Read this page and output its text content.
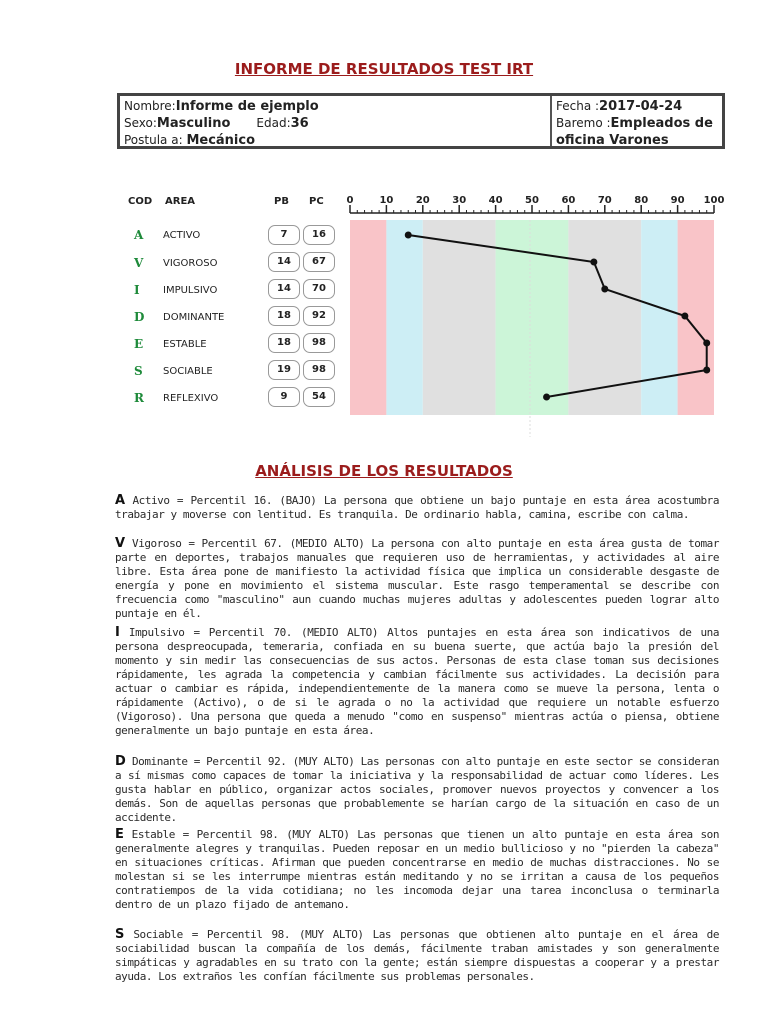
INFORME DE RESULTADOS TEST IRT
Nombre:Informe de ejemplo
Sexo:Masculino Edad:36
Postula a: Mecánico
Fecha :2017-04-24
Baremo :Empleados de
oficina Varones
COD AREA	PB PC
A ACTIVO	7	16
V VIGOROSO	14	67
I IMPULSIVO	14	70
D DOMINANTE	18	92
E ESTABLE	18	98
S SOCIABLE	19	98
R REFLEXIVO	9	54
0	10 20 30 40 50 60 70 80 90 100
ANÁLISIS DE LOS RESULTADOS
A Activo = Percentil 16. (BAJO) La persona que obtiene un bajo puntaje en esta área acostumbra trabajar y moverse con lentitud. Es tranquila. De ordinario habla, camina, escribe con calma.
V Vigoroso = Percentil 67. (MEDIO ALTO) La persona con alto puntaje en esta área gusta de tomar parte en deportes, trabajos manuales que requieren uso de herramientas, y actividades al aire libre. Esta área pone de manifiesto la actividad física que implica un considerable desgaste de energía y pone en movimiento el sistema muscular. Este rasgo temperamental se describe con frecuencia como "masculino" aun cuando muchas mujeres adultas y adolescentes pueden lograr alto puntaje en él.
I Impulsivo = Percentil 70. (MEDIO ALTO) Altos puntajes en esta área son indicativos de una persona despreocupada, temeraria, confiada en su buena suerte, que actúa bajo la presión del momento y sin medir las consecuencias de sus actos. Personas de esta clase toman sus decisiones rápidamente, les agrada la competencia y cambian fácilmente sus actividades. La decisión para actuar o cambiar es rápida, independientemente de la manera como se mueve la persona, lenta o rápidamente (Activo), o de si le agrada o no la actividad que requiere un notable esfuerzo (Vigoroso). Una persona que queda a menudo "como en suspenso" mientras actúa o piensa, obtiene generalmente un bajo puntaje en esta área.
D Dominante = Percentil 92. (MUY ALTO) Las personas con alto puntaje en este sector se consideran a sí mismas como capaces de tomar la iniciativa y la responsabilidad de actuar como líderes. Les gusta hablar en público, organizar actos sociales, promover nuevos proyectos y convencer a los demás. Son de aquellas personas que probablemente se harían cargo de la situación en caso de un accidente.
E Estable = Percentil 98. (MUY ALTO) Las personas que tienen un alto puntaje en esta área son generalmente alegres y tranquilas. Pueden reposar en un medio bullicioso y no "pierden la cabeza" en situaciones críticas. Afirman que pueden concentrarse en medio de muchas distracciones. No se molestan si se les interrumpe mientras están meditando y no se irritan a causa de los pequeños contratiempos de la vida cotidiana; no les incomoda dejar una tarea inconclusa o terminarla dentro de un plazo fijado de antemano.
S Sociable = Percentil 98. (MUY ALTO) Las personas que obtienen alto puntaje en el área de sociabilidad buscan la compañía de los demás, fácilmente traban amistades y son generalmente simpáticas y agradables en su trato con la gente; están siempre dispuestas a cooperar y a prestar ayuda. Los extraños les confían fácilmente sus problemas personales.
